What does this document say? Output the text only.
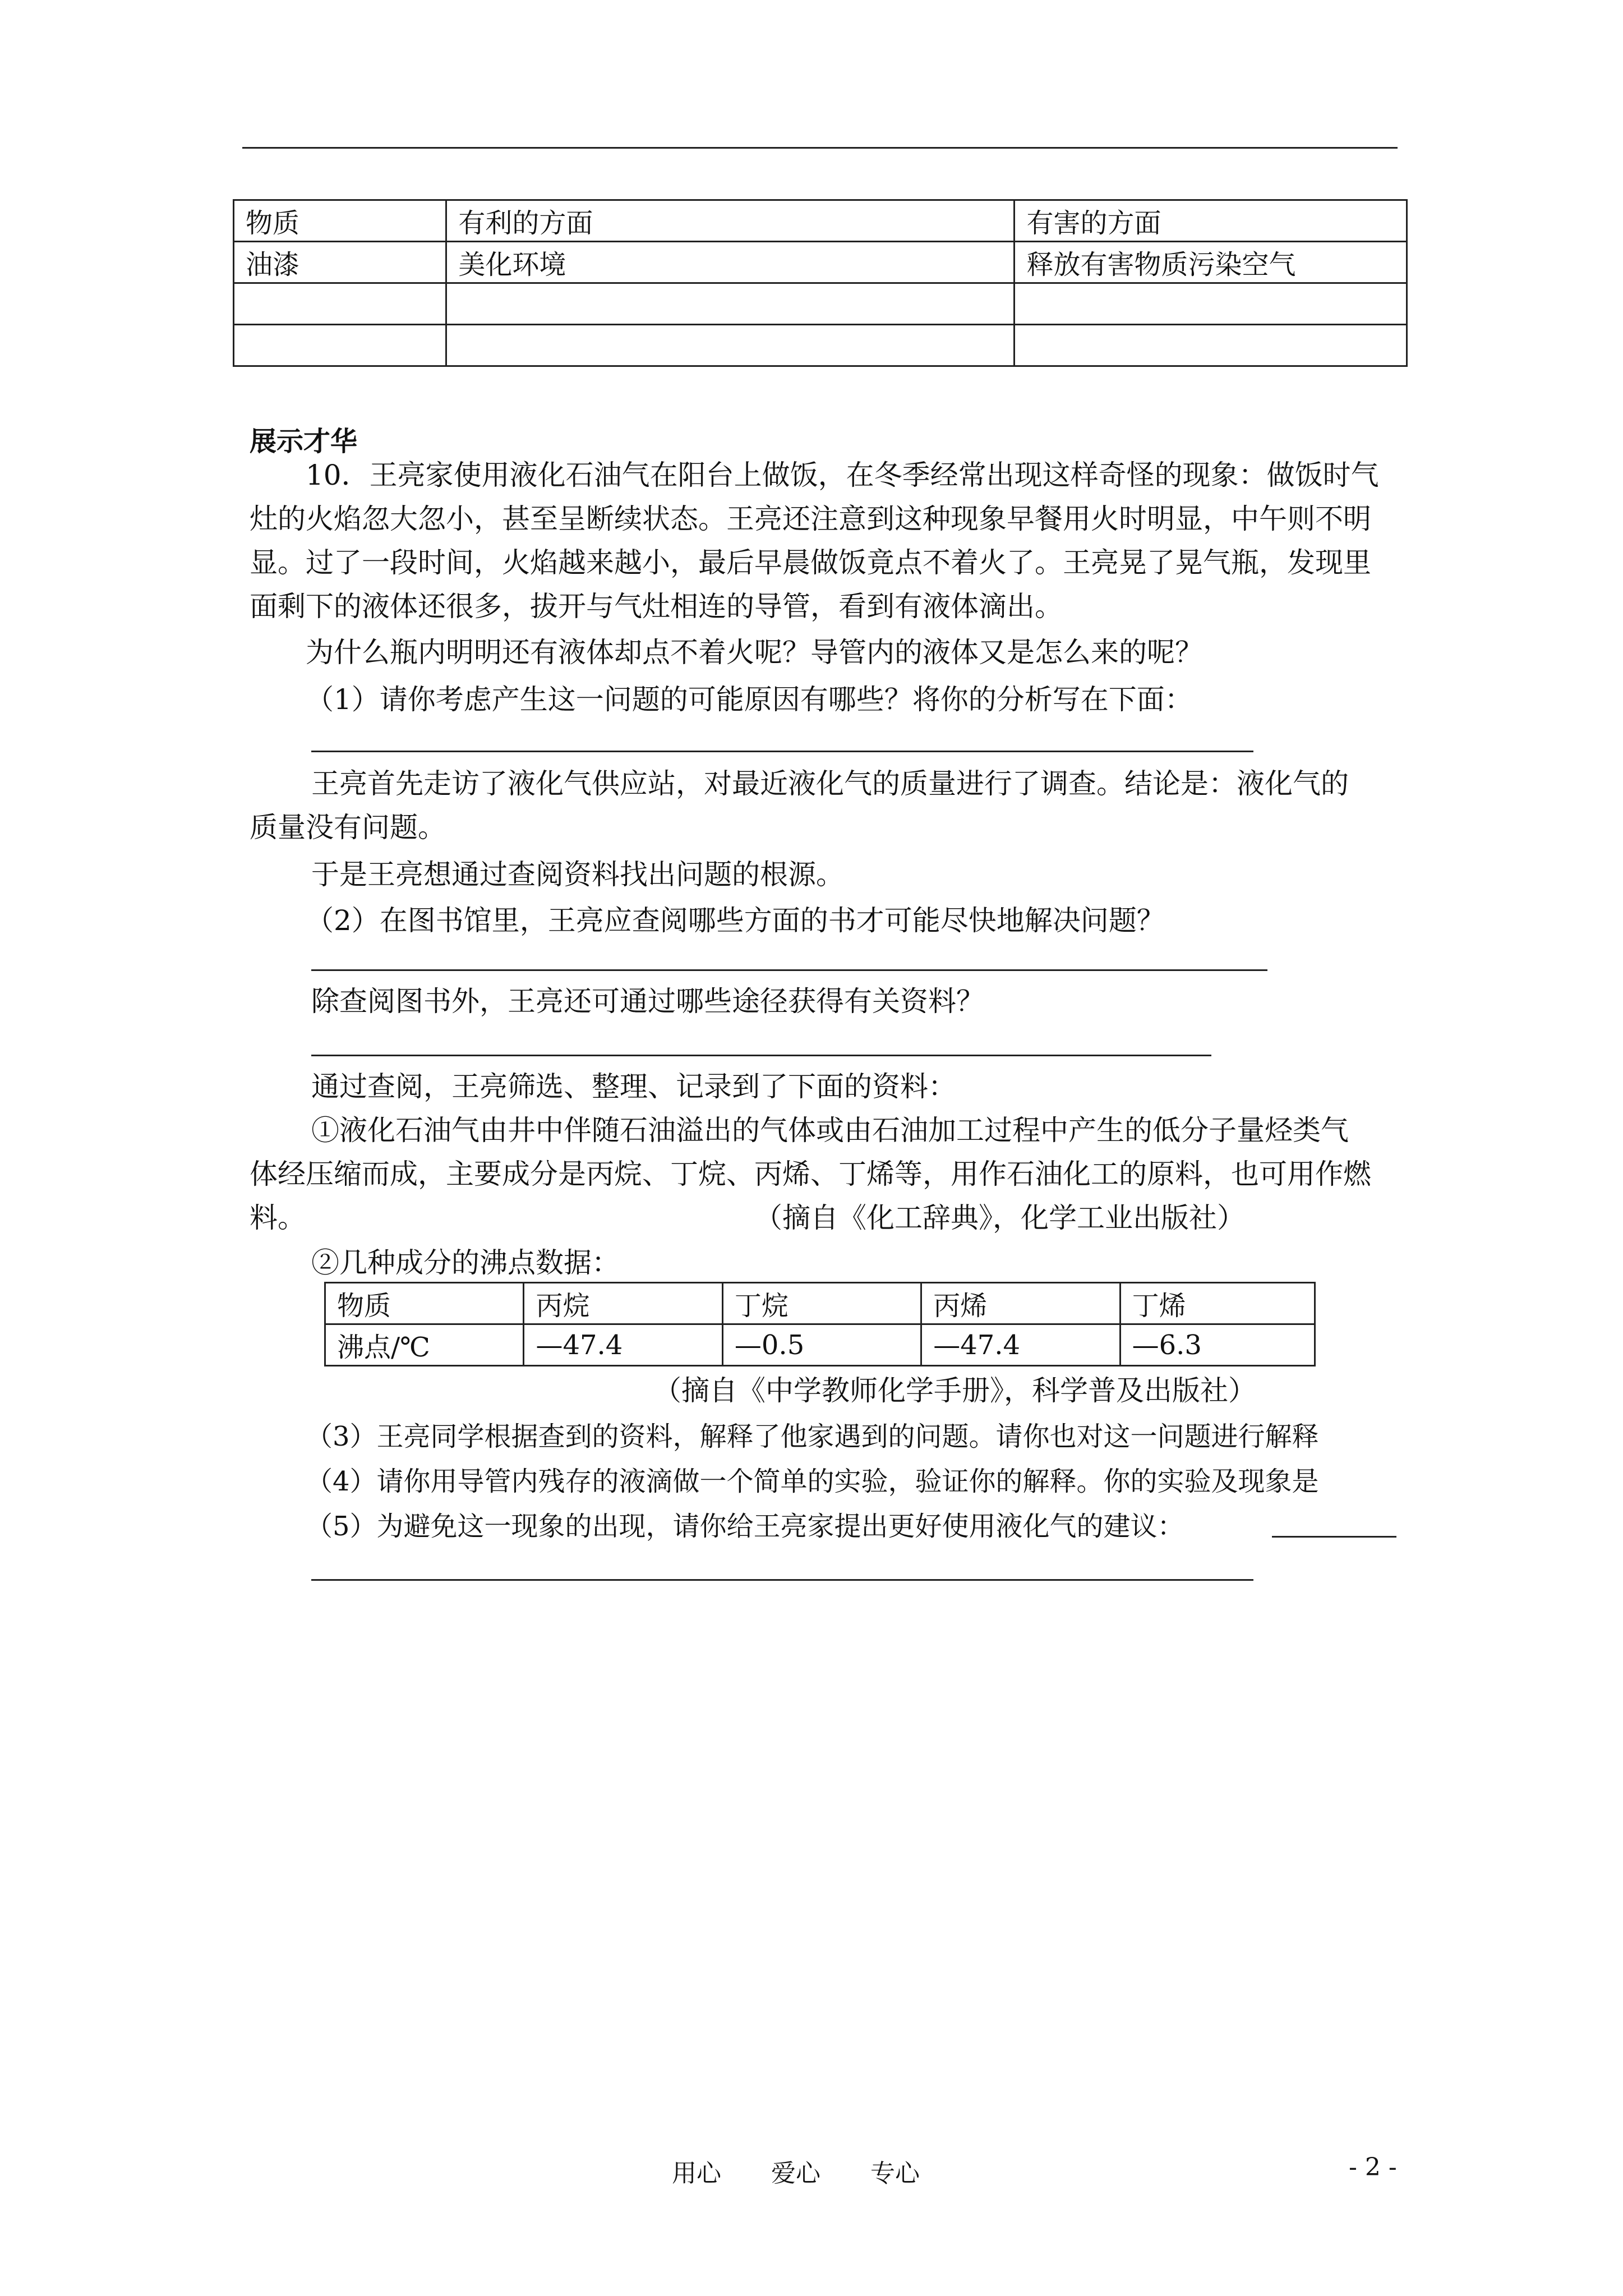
物质	有利的方面	有害的方面
油漆	美化环境	释放有害物质污染空气

展示才华
10．王亮家使用液化石油气在阳台上做饭，在冬季经常出现这样奇怪的现象：做饭时气
灶的火焰忽大忽小，甚至呈断续状态。王亮还注意到这种现象早餐用火时明显，中午则不明
显。过了一段时间，火焰越来越小，最后早晨做饭竟点不着火了。王亮晃了晃气瓶，发现里
面剩下的液体还很多，拔开与气灶相连的导管，看到有液体滴出。
为什么瓶内明明还有液体却点不着火呢？导管内的液体又是怎么来的呢？
（1）请你考虑产生这一问题的可能原因有哪些？将你的分析写在下面：
王亮首先走访了液化气供应站，对最近液化气的质量进行了调查。结论是：液化气的
质量没有问题。
于是王亮想通过查阅资料找出问题的根源。
（2）在图书馆里，王亮应查阅哪些方面的书才可能尽快地解决问题？
除查阅图书外，王亮还可通过哪些途径获得有关资料？
通过查阅，王亮筛选、整理、记录到了下面的资料：
①液化石油气由井中伴随石油溢出的气体或由石油加工过程中产生的低分子量烃类气
体经压缩而成，主要成分是丙烷、丁烷、丙烯、丁烯等，用作石油化工的原料，也可用作燃
料。	（摘自《化工辞典》，化学工业出版社）
②几种成分的沸点数据：
物质	丙烷	丁烷	丙烯	丁烯
沸点/℃	—47.4	—0.5	—47.4	—6.3
（摘自《中学教师化学手册》，科学普及出版社）
（3）王亮同学根据查到的资料，解释了他家遇到的问题。请你也对这一问题进行解释
（4）请你用导管内残存的液滴做一个简单的实验，验证你的解释。你的实验及现象是
（5）为避免这一现象的出现，请你给王亮家提出更好使用液化气的建议：
用心 爱心 专心	- 2 -
